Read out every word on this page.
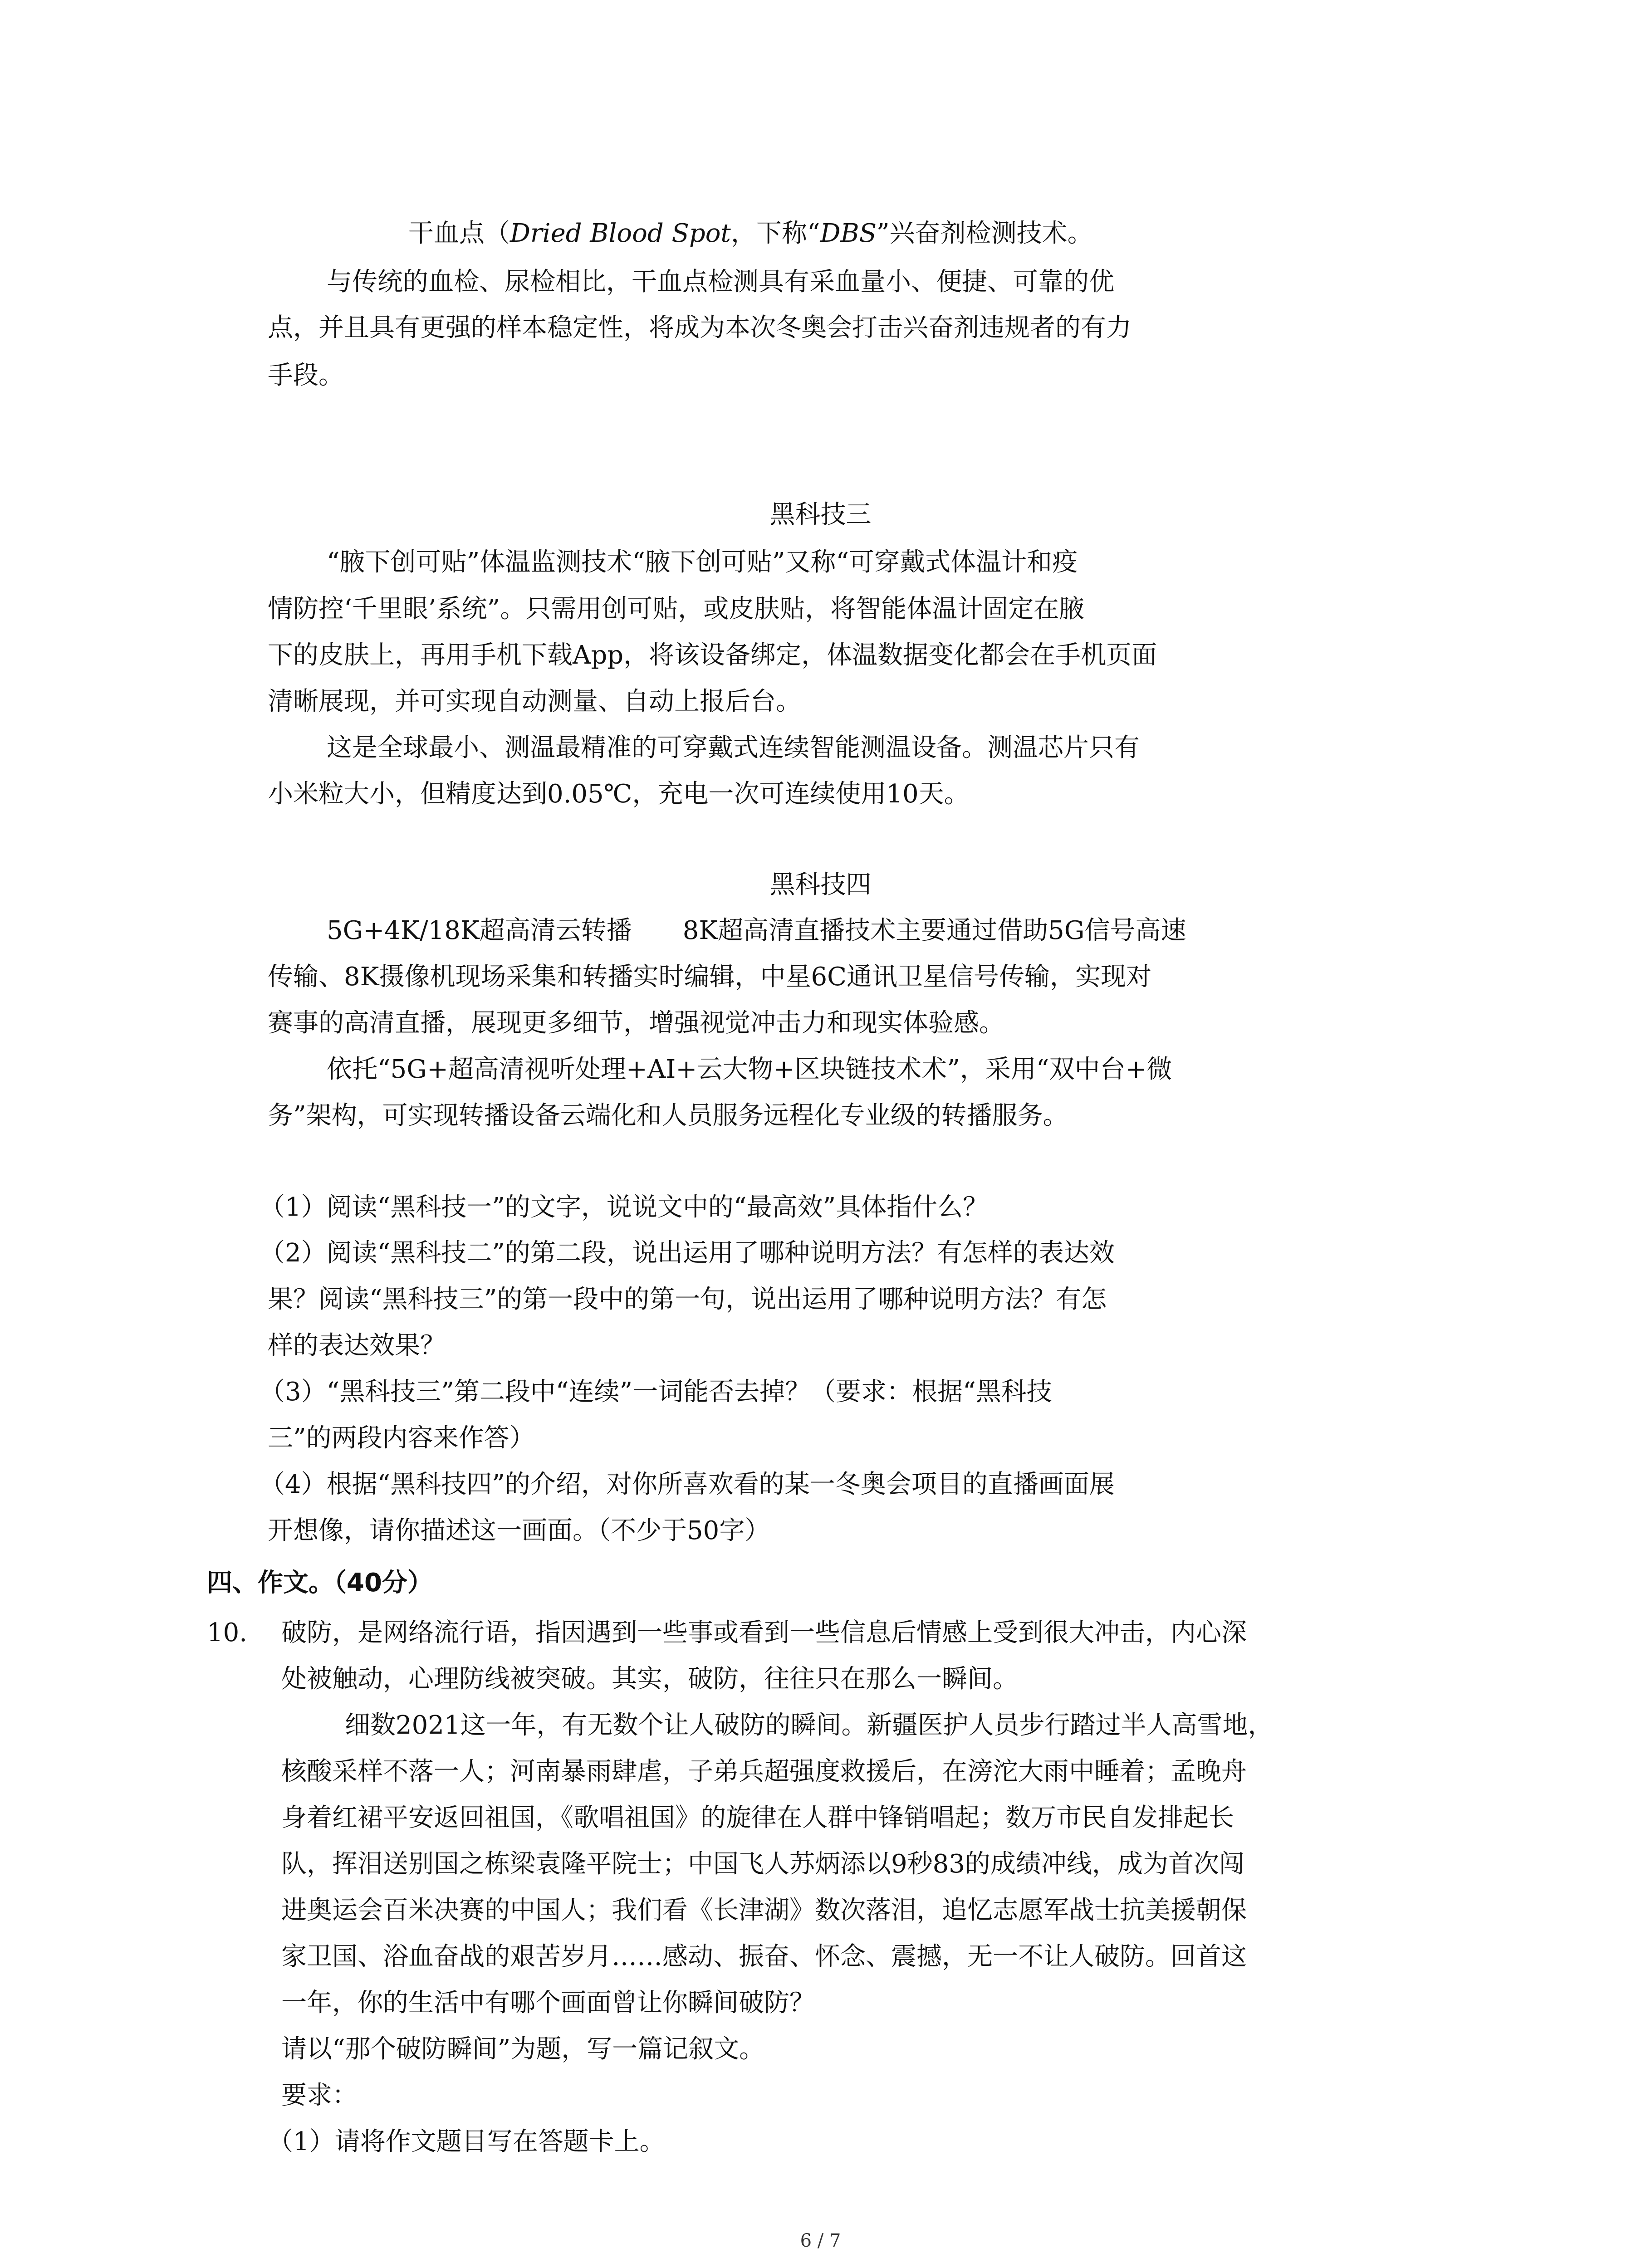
干血点（Dried Blood Spot，下称“DBS”兴奋剂检测技术。
与传统的血检、尿检相比，干血点检测具有采血量小、便捷、可靠的优
点，并且具有更强的样本稳定性，将成为本次冬奥会打击兴奋剂违规者的有力
手段。
黑科技三
“腋下创可贴”体温监测技术“腋下创可贴”又称“可穿戴式体温计和疫
情防控‘千里眼’系统”。只需用创可贴，或皮肤贴，将智能体温计固定在腋
下的皮肤上，再用手机下载App，将该设备绑定，体温数据变化都会在手机页面
清晰展现，并可实现自动测量、自动上报后台。
这是全球最小、测温最精准的可穿戴式连续智能测温设备。测温芯片只有
小米粒大小，但精度达到0.05℃，充电一次可连续使用10天。
黑科技四
5G+4K/18K超高清云转播　　8K超高清直播技术主要通过借助5G信号高速
传输、8K摄像机现场采集和转播实时编辑，中星6C通讯卫星信号传输，实现对
赛事的高清直播，展现更多细节，增强视觉冲击力和现实体验感。
依托“5G+超高清视听处理+AI+云大物+区块链技术术”，采用“双中台+微
务”架构，可实现转播设备云端化和人员服务远程化专业级的转播服务。
（1）阅读“黑科技一”的文字，说说文中的“最高效”具体指什么？
（2）阅读“黑科技二”的第二段，说出运用了哪种说明方法？有怎样的表达效
果？阅读“黑科技三”的第一段中的第一句，说出运用了哪种说明方法？有怎
样的表达效果？
（3）“黑科技三”第二段中“连续”一词能否去掉？（要求：根据“黑科技
三”的两段内容来作答）
（4）根据“黑科技四”的介绍，对你所喜欢看的某一冬奥会项目的直播画面展
开想像，请你描述这一画面。（不少于50字）
四、作文。（40分）
10. 破防，是网络流行语，指因遇到一些事或看到一些信息后情感上受到很大冲击，内心深
处被触动，心理防线被突破。其实，破防，往往只在那么一瞬间。
细数2021这一年，有无数个让人破防的瞬间。新疆医护人员步行踏过半人高雪地，
核酸采样不落一人；河南暴雨肆虐，子弟兵超强度救援后，在滂沱大雨中睡着；孟晚舟
身着红裙平安返回祖国，《歌唱祖国》的旋律在人群中锋销唱起；数万市民自发排起长
队，挥泪送别国之栋梁袁隆平院士；中国飞人苏炳添以9秒83的成绩冲线，成为首次闯
进奥运会百米决赛的中国人；我们看《长津湖》数次落泪，追忆志愿军战士抗美援朝保
家卫国、浴血奋战的艰苦岁月……感动、振奋、怀念、震撼，无一不让人破防。回首这
一年，你的生活中有哪个画面曾让你瞬间破防？
请以“那个破防瞬间”为题，写一篇记叙文。
要求：
（1）请将作文题目写在答题卡上。
6 / 7
